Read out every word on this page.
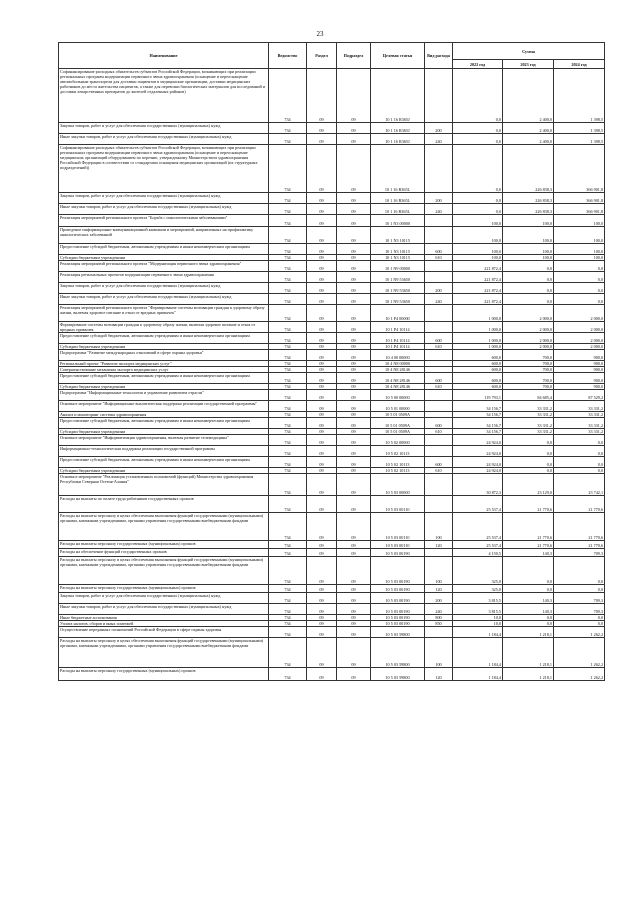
23
Наименование	Ведомство	Раздел	Подраздел	Целевая статья	Вид расхода	Сумма		
						2022 год	2023 год	2024 год
Софинансирование расходных обязательств субъектов Российской Федерации, возникающих при реализации региональных программ модернизации первичного звена здравоохранения (оснащение и переоснащение автомобильным транспортом для доставки пациентов в медицинские организации, доставки медицинских работников до места жительства пациентов, а также для перевозки биологических материалов для исследований и доставки лекарственных препаратов до жителей отдаленных районов)	734	09	09	10 1 16 R365J		0,0	2 400,0	1 398,5
Закупка товаров, работ и услуг для обеспечения государственных (муниципальных) нужд	734	09	09	10 1 16 R365J	200	0,0	2 400,0	1 398,5
Иные закупки товаров, работ и услуг для обеспечения государственных (муниципальных) нужд	734	09	09	10 1 16 R365J	240	0,0	2 400,0	1 398,5
Софинансирование расходных обязательств субъектов Российской Федерации, возникающих при реализации региональных программ модернизации первичного звена здравоохранения (оснащение и переоснащение медицинских организаций оборудованием по перечню, утвержденному Министерством здравоохранения Российской Федерации в соответствии со стандартами оснащения медицинских организаций (их структурных подразделений))	734	09	09	10 1 16 R365L		0,0	226 838,3	366 901,8
Закупка товаров, работ и услуг для обеспечения государственных (муниципальных) нужд	734	09	09	10 1 16 R365L	200	0,0	226 838,3	366 901,8
Иные закупки товаров, работ и услуг для обеспечения государственных (муниципальных) нужд	734	09	09	10 1 16 R365L	240	0,0	226 838,3	366 901,8
Реализация мероприятий регионального проекта "Борьба с онкологическими заболеваниями"	734	09	09	10 1 N3 00000		100,0	100,0	100,0
Проведение информационно-коммуникационной кампании и мероприятий, направленных на профилактику онкологических заболеваний	734	09	09	10 1 N3 10115		100,0	100,0	100,0
Предоставление субсидий бюджетным, автономным учреждениям и иным некоммерческим организациям	734	09	09	10 1 N3 10115	600	100,0	100,0	100,0
Субсидии бюджетным учреждениям	734	09	09	10 1 N3 10115	610	100,0	100,0	100,0
Реализация мероприятий регионального проекта "Модернизация первичного звена здравоохранения"	734	09	09	10 1 N9 00000		221 872,4	0,0	0,0
Реализация региональных проектов модернизации первичного звена здравоохранения	734	09	09	10 1 N9 53650		221 872,4	0,0	0,0
Закупка товаров, работ и услуг для обеспечения государственных (муниципальных) нужд	734	09	09	10 1 N9 53650	200	221 872,4	0,0	0,0
Иные закупки товаров, работ и услуг для обеспечения государственных (муниципальных) нужд	734	09	09	10 1 N9 53650	240	221 872,4	0,0	0,0
Реализация мероприятий регионального проекта "Формирование системы мотивации граждан к здоровому образу жизни, включая здоровое питание и отказ от вредных привычек"	734	09	09	10 1 P4 00000		1 000,0	2 000,0	2 000,0
Формирование системы мотивации граждан к здоровому образу жизни, включая здоровое питание и отказ от вредных привычек	734	09	09	10 1 P4 10114		1 000,0	2 000,0	2 000,0
Предоставление субсидий бюджетным, автономным учреждениям и иным некоммерческим организациям	734	09	09	10 1 P4 10114	600	1 000,0	2 000,0	2 000,0
Субсидии бюджетным учреждениям	734	09	09	10 1 P4 10114	610	1 000,0	2 000,0	2 000,0
Подпрограмма "Развитие международных отношений в сфере охраны здоровья"	734	09	09	10 4 00 00000		600,0	700,0	900,0
Региональный проект "Развитие экспорта медицинских услуг"	734	09	09	10 4 N8 00000		600,0	700,0	900,0
Совершенствование механизма экспорта медицинских услуг	734	09	09	10 4 N8 28146		600,0	700,0	900,0
Предоставление субсидий бюджетным, автономным учреждениям и иным некоммерческим организациям	734	09	09	10 4 N8 28146	600	600,0	700,0	900,0
Субсидии бюджетным учреждениям	734	09	09	10 4 N8 28146	610	600,0	700,0	900,0
Подпрограмма "Информационные технологии и управление развитием отрасли"	734	09	09	10 5 00 00000		119 793,1	84 685,4	87 529,2
Основное мероприятие "Информационно-аналитическая поддержка реализации государственной программы"	734	09	09	10 5 01 00000		34 156,7	33 331,2	33 331,2
Анализ и мониторинг системы здравоохранения	734	09	09	10 5 01 0509А		34 156,7	33 331,2	33 331,2
Предоставление субсидий бюджетным, автономным учреждениям и иным некоммерческим организациям	734	09	09	10 5 01 0509А	600	34 156,7	33 331,2	33 331,2
Субсидии бюджетным учреждениям	734	09	09	10 5 01 0509А	610	34 156,7	33 331,2	33 331,2
Основное мероприятие "Информатизация здравоохранения, включая развитие телемедицины"	734	09	09	10 5 02 00000		24 924,0	0,0	0,0
Информационно-технологическая поддержка реализации государственной программы	734	09	09	10 5 02 10113		24 924,0	0,0	0,0
Предоставление субсидий бюджетным, автономным учреждениям и иным некоммерческим организациям	734	09	09	10 5 02 10113	600	24 924,0	0,0	0,0
Субсидии бюджетным учреждениям	734	09	09	10 5 02 10113	610	24 924,0	0,0	0,0
Основное мероприятие "Реализация установленных полномочий (функций) Министерства здравоохранения Республики Северная Осетия-Алания"	734	09	09	10 5 03 00000		30 872,3	23 129,0	23 742,1
Расходы на выплаты по оплате труда работников государственных органов	734	09	09	10 5 03 00110		25 537,4	21 770,6	21 770,6
Расходы на выплаты персоналу в целях обеспечения выполнения функций государственными (муниципальными) органами, казенными учреждениями, органами управления государственными внебюджетными фондами	734	09	09	10 5 03 00110	100	25 537,4	21 770,6	21 770,6
Расходы на выплаты персоналу государственных (муниципальных) органов	734	09	09	10 5 03 00110	120	25 537,4	21 770,6	21 770,6
Расходы на обеспечение функций государственных органов	734	09	09	10 5 03 00190		4 150,5	140,3	709,3
Расходы на выплаты персоналу в целях обеспечения выполнения функций государственными (муниципальными) органами, казенными учреждениями, органами управления государственными внебюджетными фондами	734	09	09	10 5 03 00190	100	325,0	0,0	0,0
Расходы на выплаты персоналу государственных (муниципальных) органов	734	09	09	10 5 03 00190	120	325,0	0,0	0,0
Закупка товаров, работ и услуг для обеспечения государственных (муниципальных) нужд	734	09	09	10 5 03 00190	200	3 815,5	140,3	709,3
Иные закупки товаров, работ и услуг для обеспечения государственных (муниципальных) нужд	734	09	09	10 5 03 00190	240	3 815,5	140,3	709,3
Иные бюджетные ассигнования	734	09	09	10 5 03 00190	800	10,0	0,0	0,0
Уплата налогов, сборов и иных платежей	734	09	09	10 5 03 00190	850	10,0	0,0	0,0
Осуществление переданных полномочий Российской Федерации в сфере охраны здоровья	734	09	09	10 5 03 59800		1 184,4	1 218,1	1 262,2
Расходы на выплаты персоналу в целях обеспечения выполнения функций государственными (муниципальными) органами, казенными учреждениями, органами управления государственными внебюджетными фондами	734	09	09	10 5 03 59800	100	1 184,4	1 218,1	1 262,2
Расходы на выплаты персоналу государственных (муниципальных) органов	734	09	09	10 5 03 59800	120	1 184,4	1 218,1	1 262,2
